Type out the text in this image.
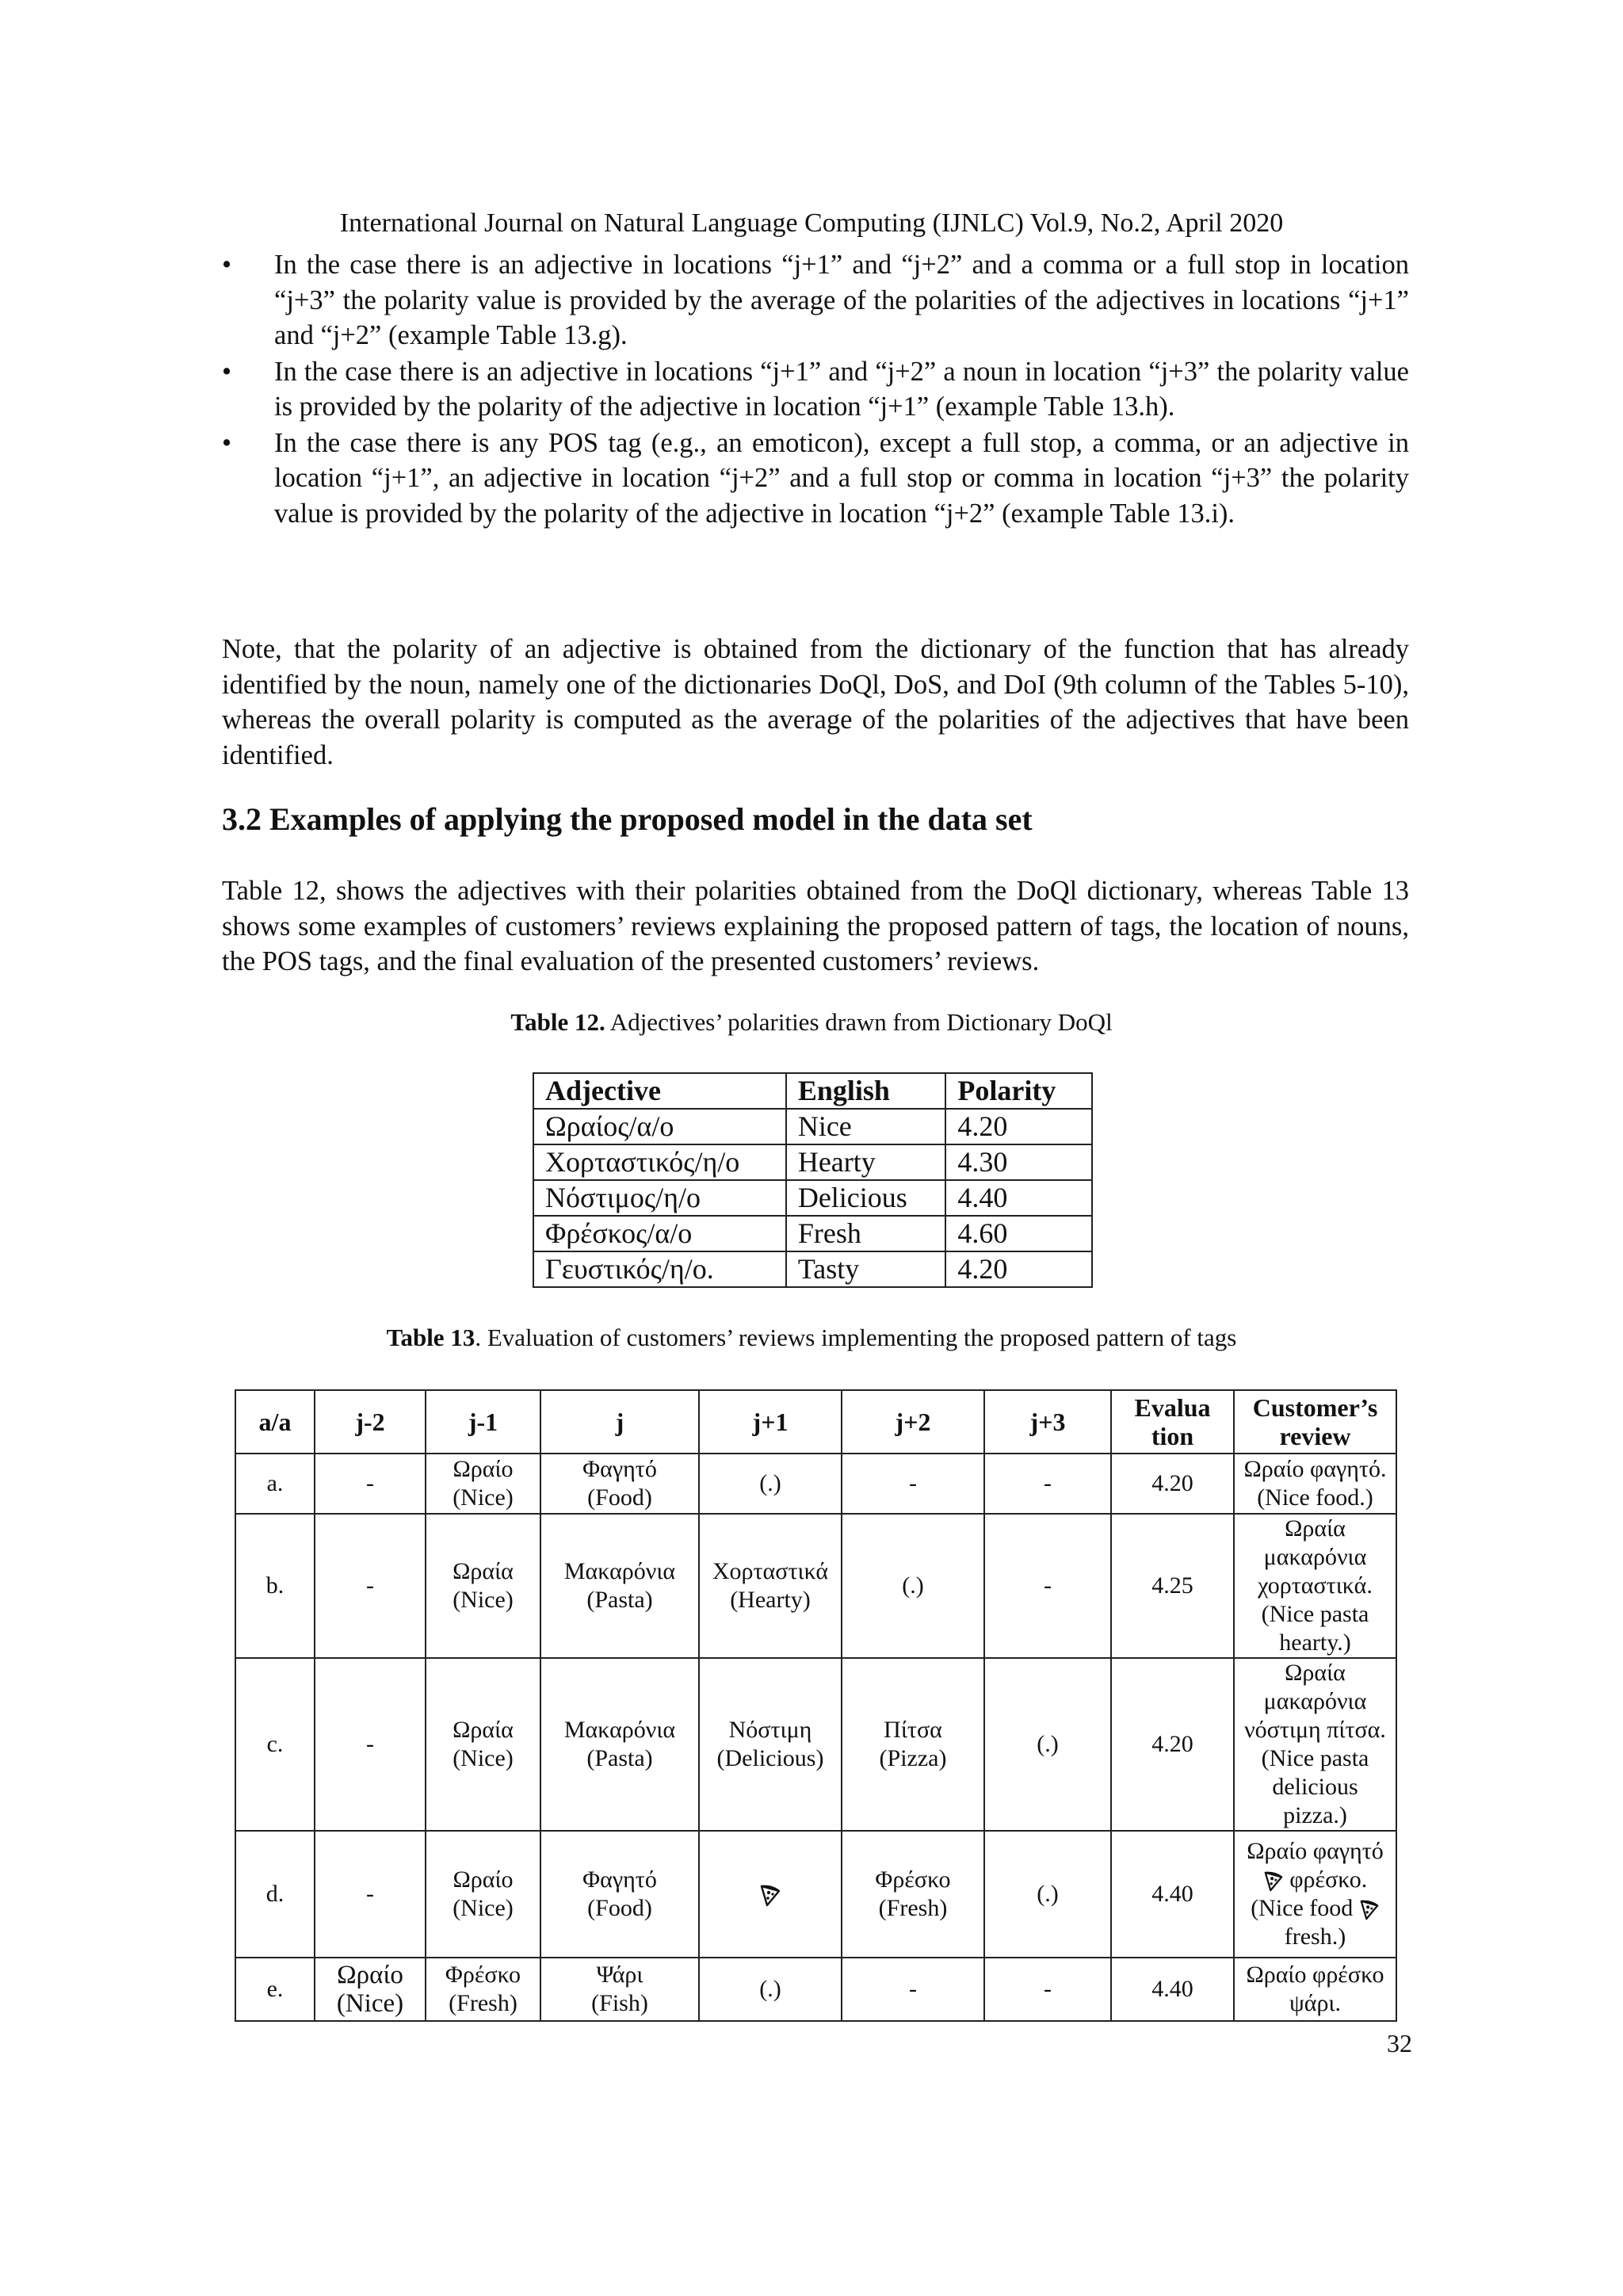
International Journal on Natural Language Computing (IJNLC) Vol.9, No.2, April 2020
• In the case there is an adjective in locations “j+1” and “j+2” and a comma or a full stop in location “j+3” the polarity value is provided by the average of the polarities of the adjectives in locations “j+1” and “j+2” (example Table 13.g).
• In the case there is an adjective in locations “j+1” and “j+2” a noun in location “j+3” the polarity value is provided by the polarity of the adjective in location “j+1” (example Table 13.h).
• In the case there is any POS tag (e.g., an emoticon), except a full stop, a comma, or an adjective in location “j+1”, an adjective in location “j+2” and a full stop or comma in location “j+3” the polarity value is provided by the polarity of the adjective in location “j+2” (example Table 13.i).

Note, that the polarity of an adjective is obtained from the dictionary of the function that has already identified by the noun, namely one of the dictionaries DoQl, DoS, and DoI (9th column of the Tables 5-10), whereas the overall polarity is computed as the average of the polarities of the adjectives that have been identified.

3.2 Examples of applying the proposed model in the data set

Table 12, shows the adjectives with their polarities obtained from the DoQl dictionary, whereas Table 13 shows some examples of customers’ reviews explaining the proposed pattern of tags, the location of nouns, the POS tags, and the final evaluation of the presented customers’ reviews.

Table 12. Adjectives’ polarities drawn from Dictionary DoQl
Adjective	English	Polarity
Ωραίος/α/ο	Nice	4.20
Χορταστικός/η/ο	Hearty	4.30
Νόστιμος/η/ο	Delicious	4.40
Φρέσκος/α/ο	Fresh	4.60
Γευστικός/η/ο.	Tasty	4.20
Table 13. Evaluation of customers’ reviews implementing the proposed pattern of tags
a/a	j-2	j-1	j	j+1	j+2	j+3	Evalua tion	Customer’s review
a.	-	Ωραίο
(Nice)	Φαγητό
(Food)	(.)	-	-	4.20	Ωραίο φαγητό.
(Nice food.)

b.	-	Ωραία
(Nice)	Μακαρόνια
(Pasta)	Χορταστικά
(Hearty)	(.)	-	4.25	Ωραία μακαρόνια χορταστικά.
(Nice pasta hearty.)

c.	-	Ωραία
(Nice)	Μακαρόνια
(Pasta)	Νόστιμη
(Delicious)	Πίτσα
(Pizza)	(.)	4.20	Ωραία μακαρόνια νόστιμη πίτσα.
(Nice pasta delicious pizza.)

d.	-	Ωραίο
(Nice)	Φαγητό
(Food)		Φρέσκο
(Fresh)	(.)	4.40	Ωραίο φαγητό
φρέσκο.
(Nice food
fresh.)

e.	Ωραίο
(Nice)	Φρέσκο
(Fresh)	Ψάρι
(Fish)	(.)	-	-	4.40	Ωραίο φρέσκο ψάρι.
32
